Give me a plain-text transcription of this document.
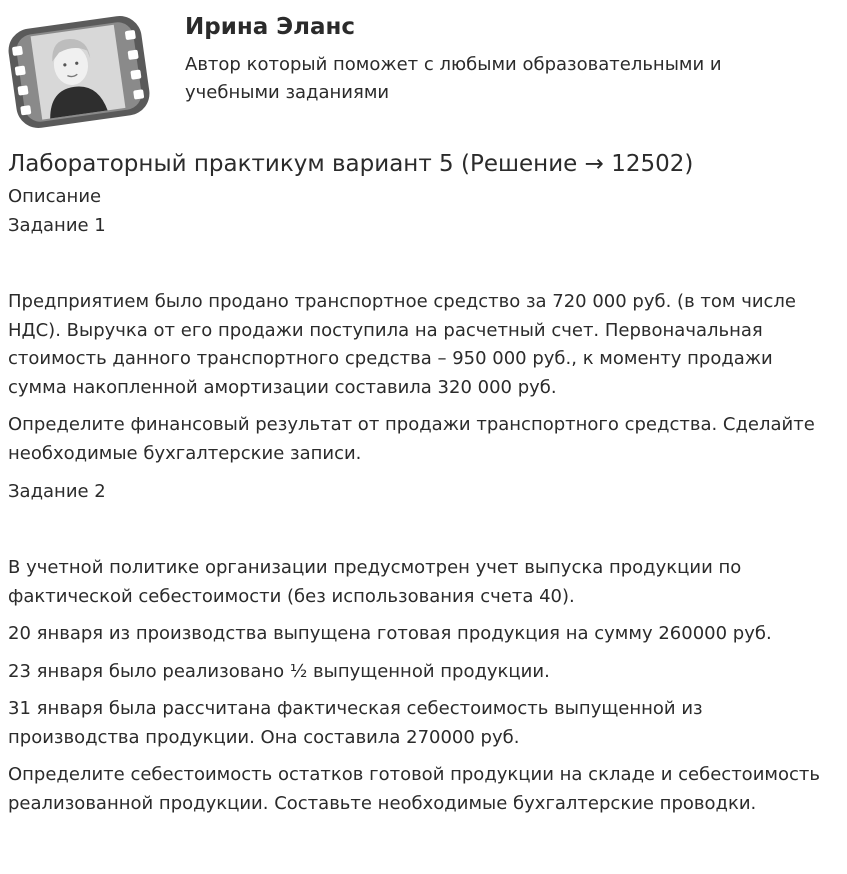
Ирина Эланс

Автор который поможет с любыми образовательными и учебными заданиями

Лабораторный практикум вариант 5 (Решение → 12502)

Описание

Задание 1

Предприятием было продано транспортное средство за 720 000 руб. (в том числе НДС). Выручка от его продажи поступила на расчетный счет. Первоначальная стоимость данного транспортного средства – 950 000 руб., к моменту продажи сумма накопленной амортизации составила 320 000 руб.

Определите финансовый результат от продажи транспортного средства. Сделайте необходимые бухгалтерские записи.

Задание 2

В учетной политике организации предусмотрен учет выпуска продукции по фактической себестоимости (без использования счета 40).

20 января из производства выпущена готовая продукция на сумму 260000 руб.

23 января было реализовано ½ выпущенной продукции.

31 января была рассчитана фактическая себестоимость выпущенной из производства продукции. Она составила 270000 руб.

Определите себестоимость остатков готовой продукции на складе и себестоимость реализованной продукции. Составьте необходимые бухгалтерские проводки.
